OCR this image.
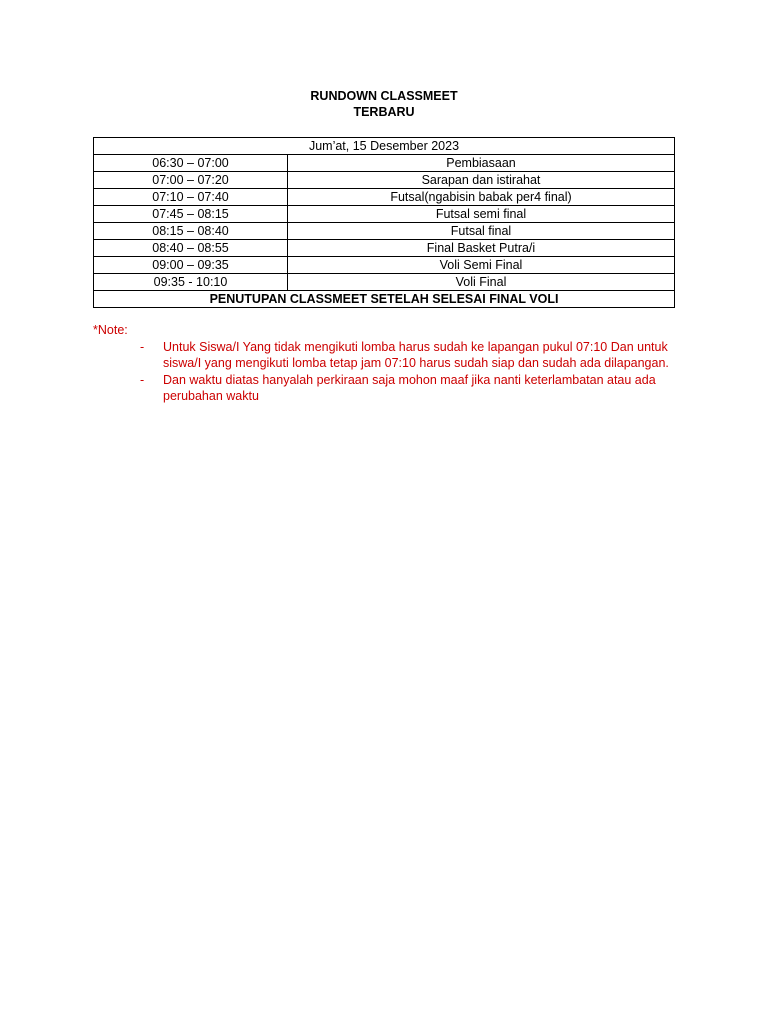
RUNDOWN CLASSMEET
TERBARU
Jum’at, 15 Desember 2023	
06:30 – 07:00	Pembiasaan
07:00 – 07:20	Sarapan dan istirahat
07:10 – 07:40	Futsal(ngabisin babak per4 final)
07:45 – 08:15	Futsal semi final
08:15 – 08:40	Futsal final
08:40 – 08:55	Final Basket Putra/i
09:00 – 09:35	Voli Semi Final
09:35 - 10:10	Voli Final
PENUTUPAN CLASSMEET SETELAH SELESAI FINAL VOLI	
*Note:
- Untuk Siswa/I Yang tidak mengikuti lomba harus sudah ke lapangan pukul 07:10 Dan untuk siswa/I yang mengikuti lomba tetap jam 07:10 harus sudah siap dan sudah ada dilapangan.
- Dan waktu diatas hanyalah perkiraan saja mohon maaf jika nanti keterlambatan atau ada perubahan waktu
